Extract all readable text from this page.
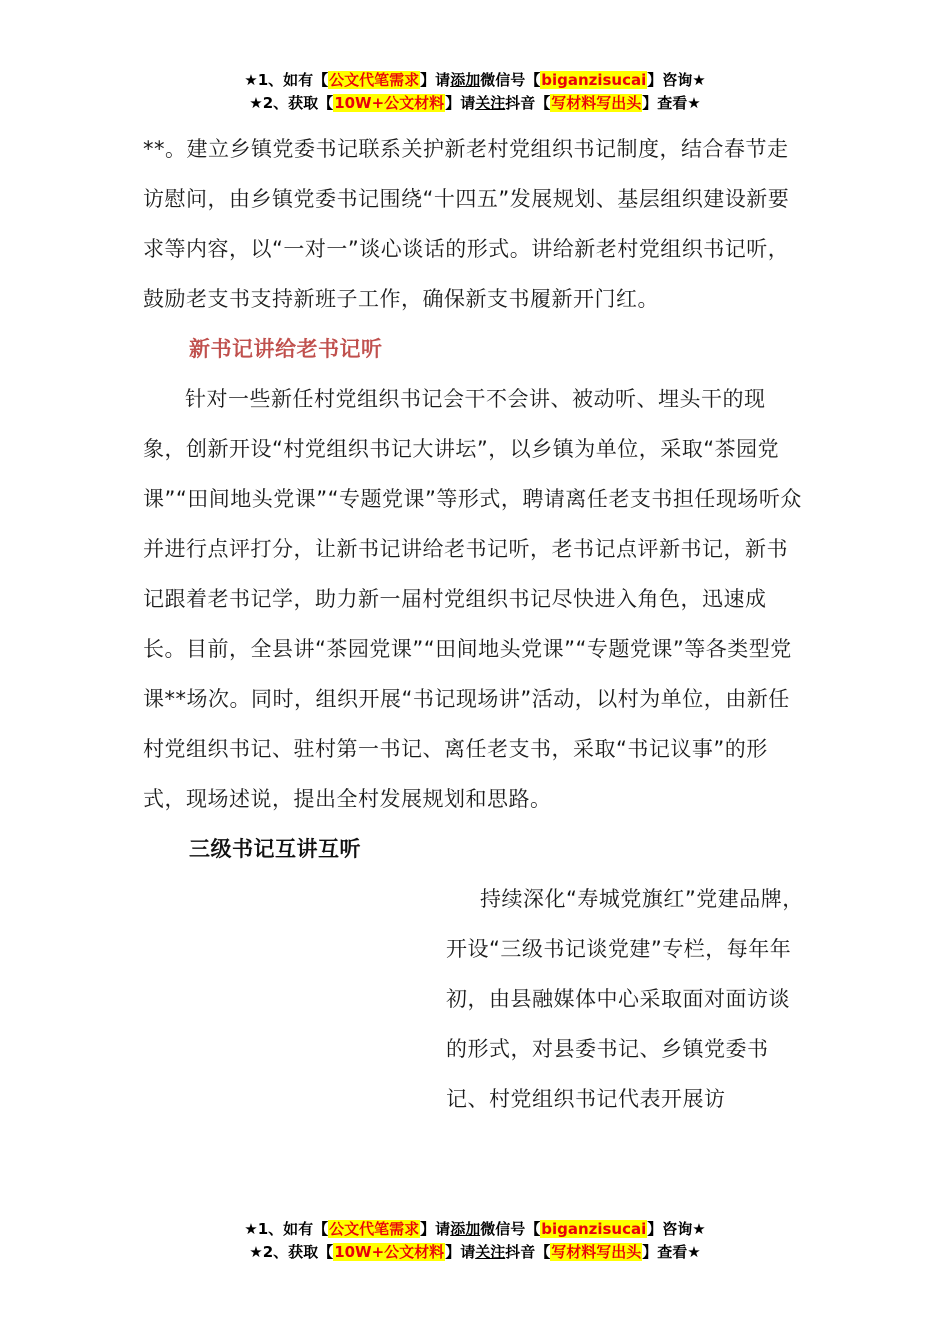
★1、如有【公文代笔需求】请添加微信号【biganzisucai】咨询★
★2、获取【10W+公文材料】请关注抖音【写材料写出头】查看★

**。建立乡镇党委书记联系关护新老村党组织书记制度，结合春节走访慰问，由乡镇党委书记围绕“十四五”发展规划、基层组织建设新要求等内容，以“一对一”谈心谈话的形式。讲给新老村党组织书记听，鼓励老支书支持新班子工作，确保新支书履新开门红。

新书记讲给老书记听

针对一些新任村党组织书记会干不会讲、被动听、埋头干的现象，创新开设“村党组织书记大讲坛”，以乡镇为单位，采取“茶园党课”“田间地头党课”“专题党课”等形式，聘请离任老支书担任现场听众并进行点评打分，让新书记讲给老书记听，老书记点评新书记，新书记跟着老书记学，助力新一届村党组织书记尽快进入角色，迅速成长。目前，全县讲“茶园党课”“田间地头党课”“专题党课”等各类型党课**场次。同时，组织开展“书记现场讲”活动，以村为单位，由新任村党组织书记、驻村第一书记、离任老支书，采取“书记议事”的形式，现场述说，提出全村发展规划和思路。

三级书记互讲互听

持续深化“寿城党旗红”党建品牌，开设“三级书记谈党建”专栏，每年年初，由县融媒体中心采取面对面访谈的形式，对县委书记、乡镇党委书记、村党组织书记代表开展访

★1、如有【公文代笔需求】请添加微信号【biganzisucai】咨询★
★2、获取【10W+公文材料】请关注抖音【写材料写出头】查看★
